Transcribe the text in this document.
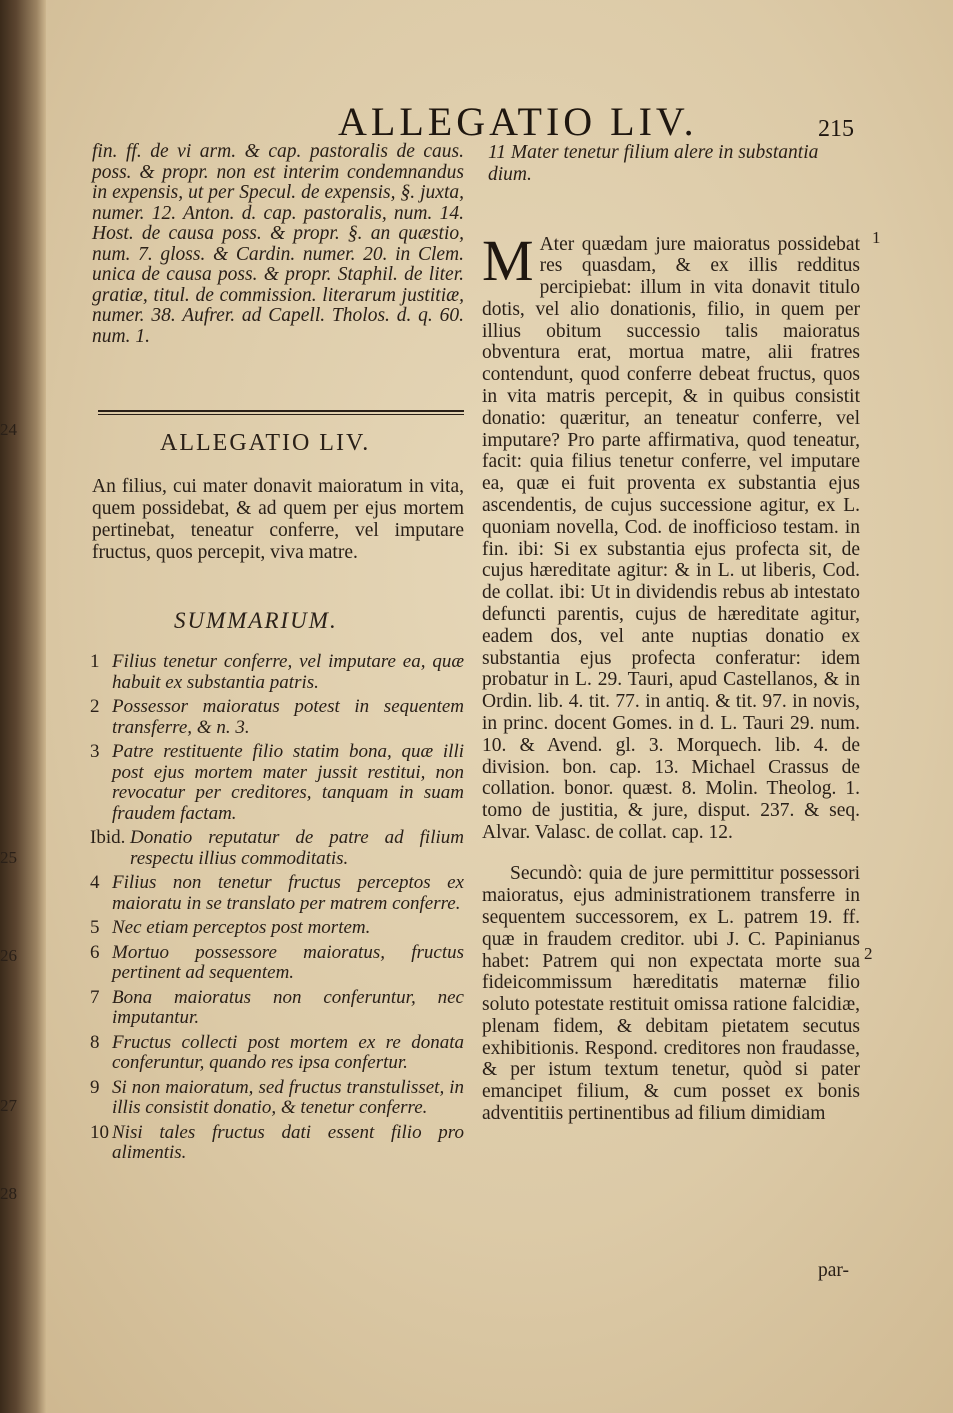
24
25
26
27
28
ALLEGATIO LIV.	215
fin. ff. de vi arm. & cap. pastoralis de caus. poss. & propr. non est interim condemnandus in expensis, ut per Specul. de expensis, §. juxta, numer. 12. Anton. d. cap. pastoralis, num. 14. Host. de causa poss. & propr. §. an quæstio, num. 7. gloss. & Cardin. numer. 20. in Clem. unica de causa poss. & propr. Staphil. de liter. gratiæ, titul. de commission. literarum justitiæ, numer. 38. Aufrer. ad Capell. Tholos. d. q. 60. num. 1.
ALLEGATIO LIV.
An filius, cui mater donavit maioratum in vita, quem possidebat, & ad quem per ejus mortem pertinebat, teneatur conferre, vel imputare fructus, quos percepit, viva matre.
SUMMARIUM.
1 Filius tenetur conferre, vel imputare ea, quæ habuit ex substantia patris.
2 Possessor maioratus potest in sequentem transferre, & n. 3.
3 Patre restituente filio statim bona, quæ illi post ejus mortem mater jussit restitui, non revocatur per creditores, tanquam in suam fraudem factam.
Ibid. Donatio reputatur de patre ad filium respectu illius commoditatis.
4 Filius non tenetur fructus perceptos ex maioratu in se translato per matrem conferre.
5 Nec etiam perceptos post mortem.
6 Mortuo possessore maioratus, fructus pertinent ad sequentem.
7 Bona maioratus non conferuntur, nec imputantur.
8 Fructus collecti post mortem ex re donata conferuntur, quando res ipsa confertur.
9 Si non maioratum, sed fructus transtulisset, in illis consistit donatio, & tenetur conferre.
10 Nisi tales fructus dati essent filio pro alimentis.
11 Mater tenetur filium alere in substantia dium.

M Ater quædam jure maioratus possidebat res quasdam, & ex illis redditus percipiebat: illum in vita donavit titulo dotis, vel alio donationis, filio, in quem per illius obitum successio talis maioratus obventura erat, mortua matre, alii fratres contendunt, quod conferre debeat fructus, quos in vita matris percepit, & in quibus consistit donatio: quæritur, an teneatur conferre, vel imputare? Pro parte affirmativa, quod teneatur, facit: quia filius tenetur conferre, vel imputare ea, quæ ei fuit proventa ex substantia ejus ascendentis, de cujus successione agitur, ex L. quoniam novella, Cod. de inofficioso testam. in fin. ibi: Si ex substantia ejus profecta sit, de cujus hæreditate agitur: & in L. ut liberis, Cod. de collat. ibi: Ut in dividendis rebus ab intestato defuncti parentis, cujus de hæreditate agitur, eadem dos, vel ante nuptias donatio ex substantia ejus profecta conferatur: idem probatur in L. 29. Tauri, apud Castellanos, & in Ordin. lib. 4. tit. 77. in antiq. & tit. 97. in novis, in princ. docent Gomes. in d. L. Tauri 29. num. 10. & Avend. gl. 3. Morquech. lib. 4. de division. bon. cap. 13. Michael Crassus de collation. bonor. quæst. 8. Molin. Theolog. 1. tomo de justitia, & jure, disput. 237. & seq. Alvar. Valasc. de collat. cap. 12.

Secundò: quia de jure permittitur possessori maioratus, ejus administrationem transferre in sequentem successorem, ex L. patrem 19. ff. quæ in fraudem creditor. ubi J. C. Papinianus habet: Patrem qui non expectata morte sua fideicommissum hæreditatis maternæ filio soluto potestate restituit omissa ratione falcidiæ, plenam fidem, & debitam pietatem secutus exhibitionis. Respond. creditores non fraudasse, & per istum textum tenetur, quòd si pater emancipet filium, & cum posset ex bonis adventitiis pertinentibus ad filium dimidiam

1
2
par-
